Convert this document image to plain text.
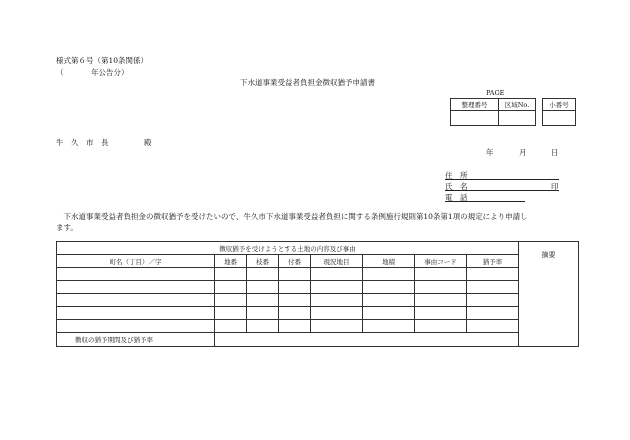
様式第６号（第10条関係）
（	年公告分）
下水道事業受益者負担金徴収猶予申請書
PAGE
整理番号	区域No.
		小番号

牛　久　市　長	殿
年	月	日
住　所
氏　名	印
電　話
　下水道事業受益者負担金の徴収猶予を受けたいので、牛久市下水道事業受益者負担に関する条例施行規則第10条第1項の規定により申請し
ます。
徴収猶予を受けようとする土地の内容及び事由								摘要
町名（丁目）／字	地番	枝番	付番	現況地目	地積	事由コード	猶予率	

徴収の猶予期間及び猶予率								
